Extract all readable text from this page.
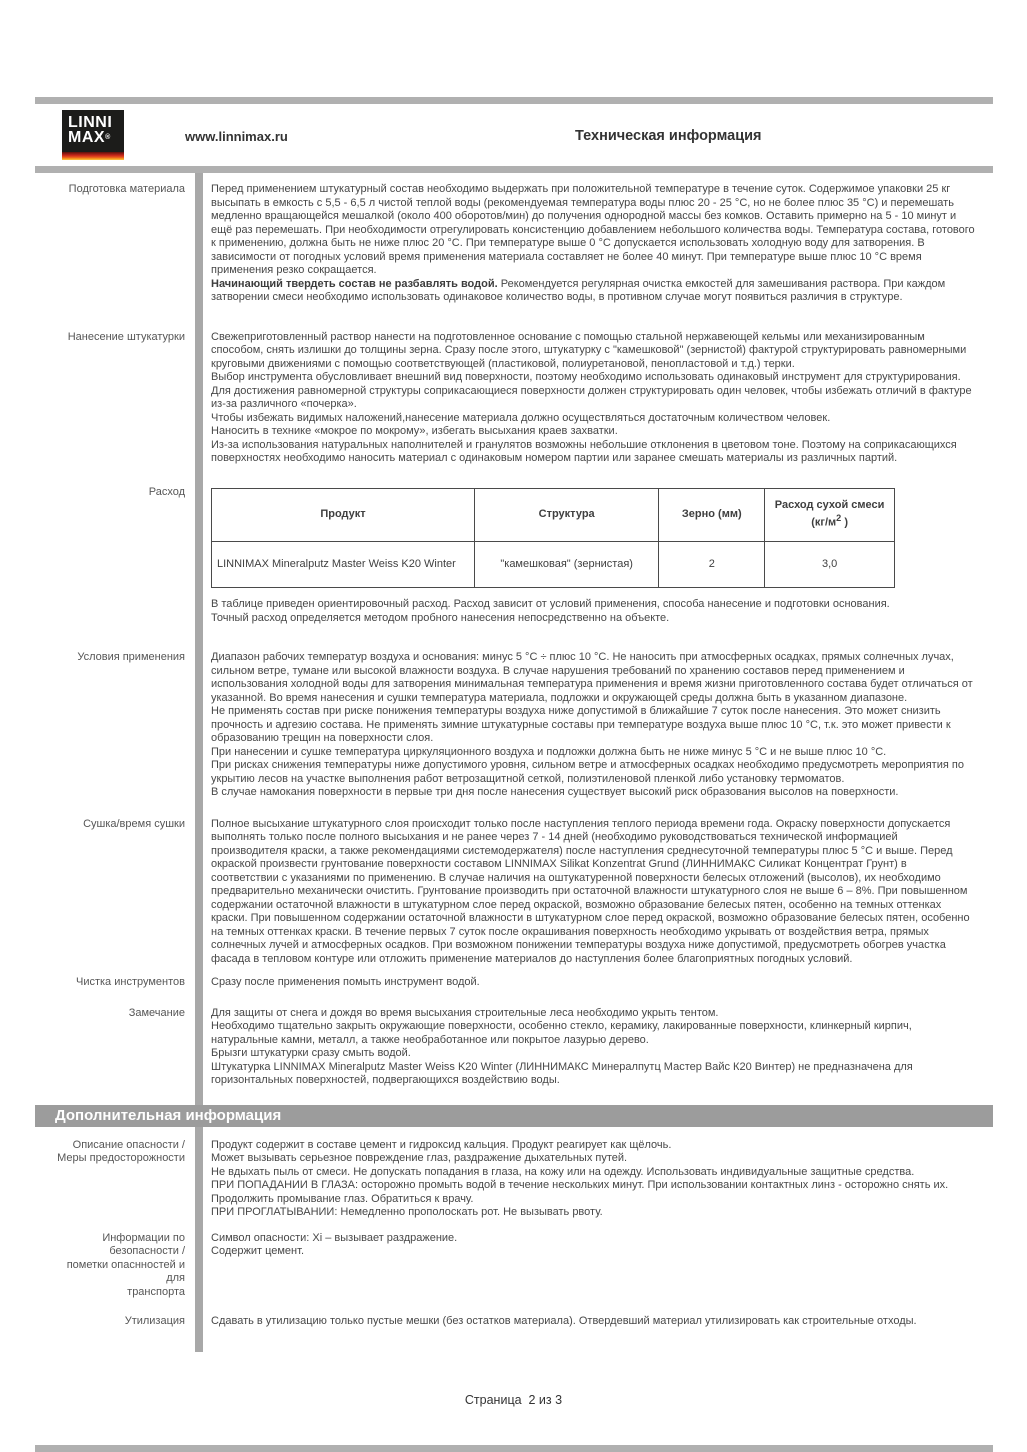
LINNI
MAX®	www.linnimax.ru	Техническая информация
Подготовка материала Перед применением штукатурный состав необходимо выдержать при положительной температуре в течение суток. Содержимое упаковки 25 кг высыпать в емкость с 5,5 - 6,5 л чистой теплой воды (рекомендуемая температура воды плюс 20 - 25 °С, но не более плюс 35 °С) и перемешать медленно вращающейся мешалкой (около 400 оборотов/мин) до получения однородной массы без комков. Оставить примерно на 5 - 10 минут и ещё раз перемешать. При необходимости отрегулировать консистенцию добавлением небольшого количества воды. Температура состава, готового к применению, должна быть не ниже плюс 20 °С. При температуре выше 0 °С допускается использовать холодную воду для затворения. В зависимости от погодных условий время применения материала составляет не более 40 минут. При температуре выше плюс 10 °С время применения резко сокращается.

Начинающий твердеть состав не разбавлять водой. Рекомендуется регулярная очистка емкостей для замешивания раствора. При каждом затворении смеси необходимо использовать одинаковое количество воды, в противном случае могут появиться различия в структуре.

Нанесение штукатурки Свежеприготовленный раствор нанести на подготовленное основание с помощью стальной нержавеющей кельмы или механизированным способом, снять излишки до толщины зерна. Сразу после этого, штукатурку с "камешковой" (зернистой) фактурой структурировать равномерными круговыми движениями с помощью соответствующей (пластиковой, полиуретановой, пенопластовой и т.д.) терки.

Выбор инструмента обусловливает внешний вид поверхности, поэтому необходимо использовать одинаковый инструмент для структурирования.

Для достижения равномерной структуры соприкасающиеся поверхности должен структурировать один человек, чтобы избежать отличий в фактуре из-за различного «почерка».

Чтобы избежать видимых наложений,нанесение материала должно осуществляться достаточным количеством человек.

Наносить в технике «мокрое по мокрому», избегать высыхания краев захватки.

Из-за использования натуральных наполнителей и гранулятов возможны небольшие отклонения в цветовом тоне. Поэтому на соприкасающихся поверхностях необходимо наносить материал с одинаковым номером партии или заранее смешать материалы из различных партий.

Расход
Продукт	Структура	Зерно (мм)	Расход сухой смеси
($кг/м^2$ )
LINNIMAX Mineralputz Master Weiss K20 Winter	"камешковая" (зернистая)	2	3,0

В таблице приведен ориентировочный расход. Расход зависит от условий применения, способа нанесение и подготовки основания.

Точный расход определяется методом пробного нанесения непосредственно на объекте.

Условия применения Диапазон рабочих температур воздуха и основания: минус 5 °С ÷ плюс 10 °С. Не наносить при атмосферных осадках, прямых солнечных лучах, сильном ветре, тумане или высокой влажности воздуха. В случае нарушения требований по хранению составов перед применением и использования холодной воды для затворения минимальная температура применения и время жизни приготовленного состава будет отличаться от указанной. Во время нанесения и сушки температура материала, подложки и окружающей среды должна быть в указанном диапазоне.

Не применять состав при риске понижения температуры воздуха ниже допустимой в ближайшие 7 суток после нанесения. Это может снизить прочность и адгезию состава. Не применять зимние штукатурные составы при температуре воздуха выше плюс 10 °С, т.к. это может привести к образованию трещин на поверхности слоя.

При нанесении и сушке температура циркуляционного воздуха и подложки должна быть не ниже минус 5 °С и не выше плюс 10 °С.

При рисках снижения температуры ниже допустимого уровня, сильном ветре и атмосферных осадках необходимо предусмотреть мероприятия по укрытию лесов на участке выполнения работ ветрозащитной сеткой, полиэтиленовой пленкой либо установку термоматов.

В случае намокания поверхности в первые три дня после нанесения существует высокий риск образования высолов на поверхности.

Сушка/время сушки Полное высыхание штукатурного слоя происходит только после наступления теплого периода времени года. Окраску поверхности допускается выполнять только после полного высыхания и не ранее через 7 - 14 дней (необходимо руководствоваться технической информацией производителя краски, а также рекомендациями системодержателя) после наступления среднесуточной температуры плюс 5 °С и выше. Перед окраской произвести грунтование поверхности составом LINNIMAX Silikat Konzentrat Grund (ЛИННИМАКС Силикат Концентрат Грунт) в соответствии с указаниями по применению. В случае наличия на оштукатуренной поверхности белесых отложений (высолов), их необходимо предварительно механически очистить. Грунтование производить при остаточной влажности штукатурного слоя не выше 6 – 8%. При повышенном содержании остаточной влажности в штукатурном слое перед окраской, возможно образование белесых пятен, особенно на темных оттенках краски. При повышенном содержании остаточной влажности в штукатурном слое перед окраской, возможно образование белесых пятен, особенно на темных оттенках краски. В течение первых 7 суток после окрашивания поверхность необходимо укрывать от воздействия ветра, прямых солнечных лучей и атмосферных осадков. При возможном понижении температуры воздуха ниже допустимой, предусмотреть обогрев участка фасада в тепловом контуре или отложить применение материалов до наступления более благоприятных погодных условий.

Чистка инструментов Сразу после применения помыть инструмент водой.

Замечание Для защиты от снега и дождя во время высыхания строительные леса необходимо укрыть тентом.

Необходимо тщательно закрыть окружающие поверхности, особенно стекло, керамику, лакированные поверхности, клинкерный кирпич, натуральные камни, металл, а также необработанное или покрытое лазурью дерево.

Брызги штукатурки сразу смыть водой.

Штукатурка LINNIMAX Mineralputz Master Weiss K20 Winter (ЛИННИМАКС Минералпутц Мастер Вайс К20 Винтер) не предназначена для горизонтальных поверхностей, подвергающихся воздействию воды.

Дополнительная информация
Описание опасности /
Меры предосторожности

Продукт содержит в составе цемент и гидроксид кальция. Продукт реагирует как щёлочь.

Может вызывать серьезное повреждение глаз, раздражение дыхательных путей.

Не вдыхать пыль от смеси. Не допускать попадания в глаза, на кожу или на одежду. Использовать индивидуальные защитные средства.

ПРИ ПОПАДАНИИ В ГЛАЗА: осторожно промыть водой в течение нескольких минут. При использовании контактных линз - осторожно снять их.

Продолжить промывание глаз. Обратиться к врачу.

ПРИ ПРОГЛАТЫВАНИИ: Немедленно прополоскать рот. Не вызывать рвоту.

Информации по
безопасности /
пометки опаснностей и
для
транспорта

Символ опасности: Xi – вызывает раздражение.

Содержит цемент.

Утилизация Сдавать в утилизацию только пустые мешки (без остатков материала). Отвердевший материал утилизировать как строительные отходы.

Страница  2 из 3
